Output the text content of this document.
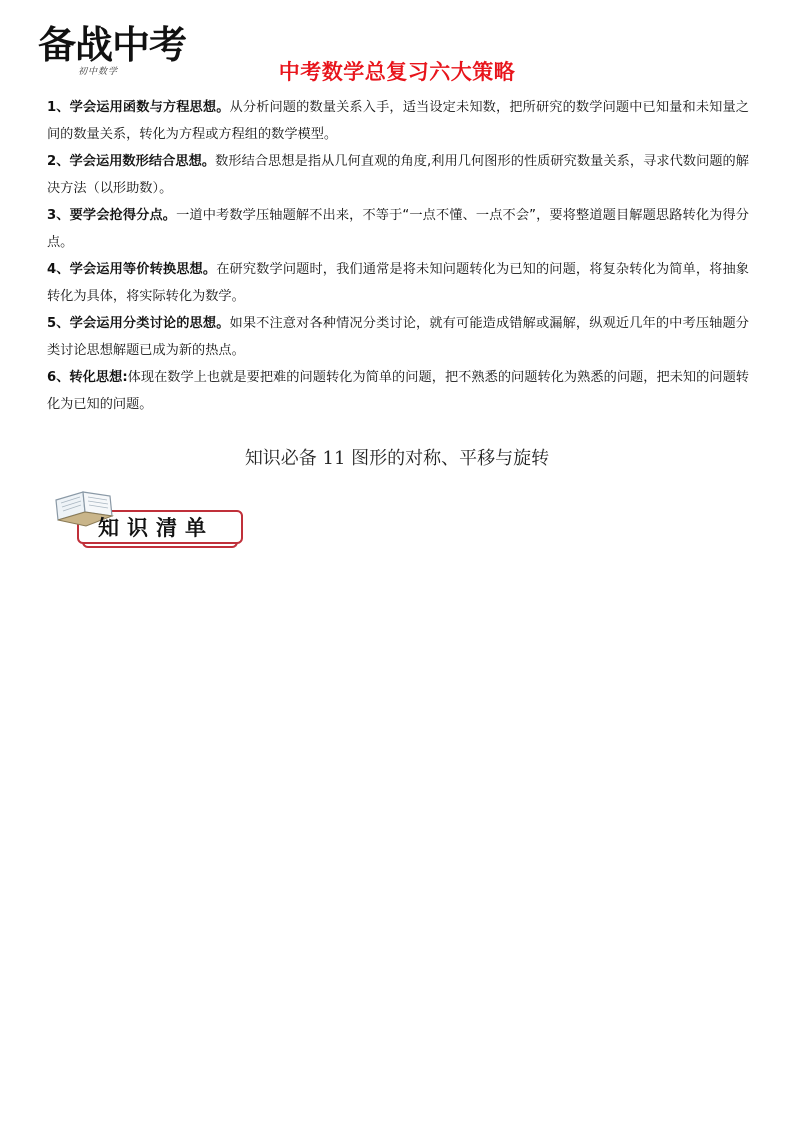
备战中考
初中数学	中考数学总复习六大策略

1、学会运用函数与方程思想。从分析问题的数量关系入手，适当设定未知数，把所研究的数学问题中已知量和未知量之间的数量关系，转化为方程或方程组的数学模型。

2、学会运用数形结合思想。数形结合思想是指从几何直观的角度,利用几何图形的性质研究数量关系，寻求代数问题的解决方法（以形助数）。

3、要学会抢得分点。一道中考数学压轴题解不出来，不等于“一点不懂、一点不会”，要将整道题目解题思路转化为得分点。

4、学会运用等价转换思想。在研究数学问题时，我们通常是将未知问题转化为已知的问题，将复杂转化为简单，将抽象转化为具体，将实际转化为数学。

5、学会运用分类讨论的思想。如果不注意对各种情况分类讨论，就有可能造成错解或漏解，纵观近几年的中考压轴题分类讨论思想解题已成为新的热点。

6、转化思想:体现在数学上也就是要把难的问题转化为简单的问题，把不熟悉的问题转化为熟悉的问题，把未知的问题转化为已知的问题。

知识必备 11 图形的对称、平移与旋转
知识清单
